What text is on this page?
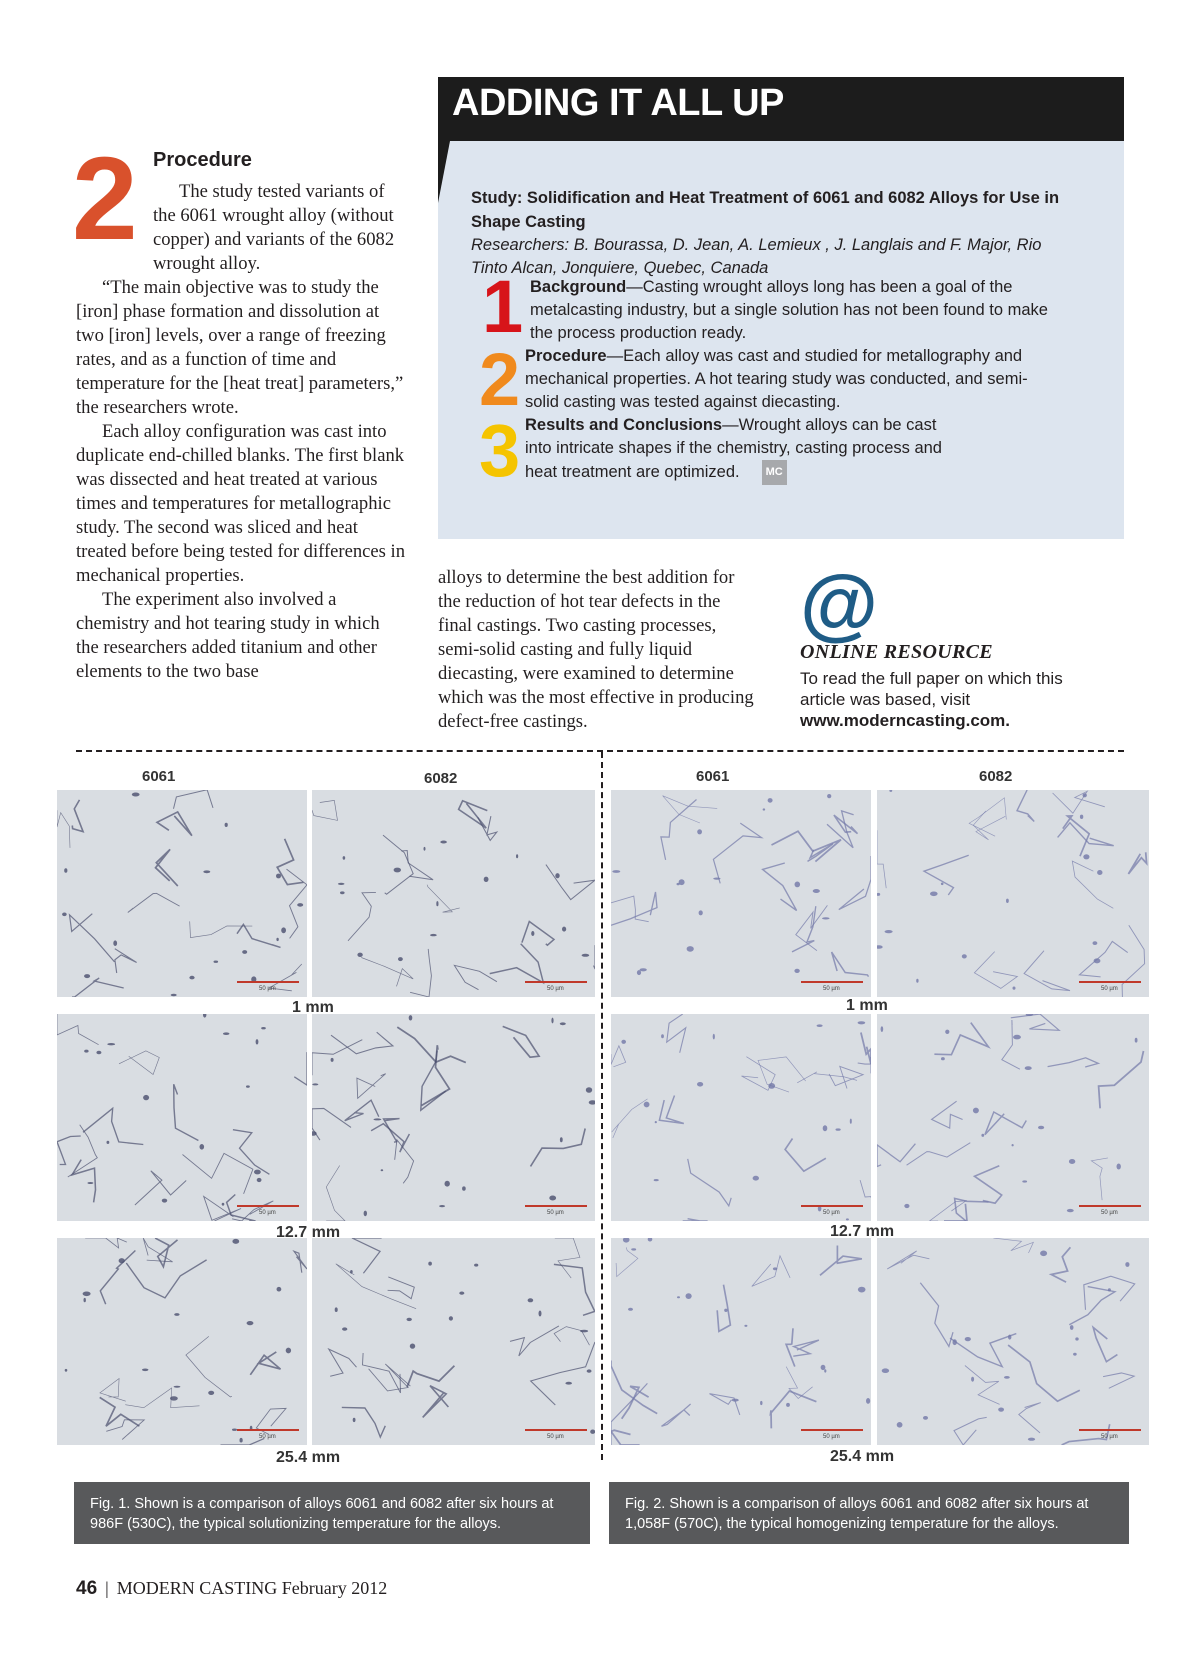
2 Procedure

The study tested variants of the 6061 wrought alloy (without copper) and variants of the 6082 wrought alloy.

“The main objective was to study the [iron] phase formation and dissolution at two [iron] levels, over a range of freezing rates, and as a function of time and temperature for the [heat treat] parameters,” the researchers wrote.

Each alloy configuration was cast into duplicate end-chilled blanks. The first blank was dissected and heat treated at various times and temperatures for metallographic study. The second was sliced and heat treated before being tested for differences in mechanical properties.

The experiment also involved a chemistry and hot tearing study in which the researchers added titanium and other elements to the two base

alloys to determine the best addition for the reduction of hot tear defects in the final castings. Two casting processes, semi-solid casting and fully liquid diecasting, were examined to determine which was the most effective in producing defect-free castings.

ADDING IT ALL UP
Study: Solidification and Heat Treatment of 6061 and 6082 Alloys for Use in Shape Casting
Researchers: B. Bourassa, D. Jean, A. Lemieux , J. Langlais and F. Major, Rio Tinto Alcan, Jonquiere, Quebec, Canada
1 Background—Casting wrought alloys long has been a goal of the metalcasting industry, but a single solution has not been found to make the process production ready.
2 Procedure—Each alloy was cast and studied for metallography and mechanical properties. A hot tearing study was conducted, and semi-solid casting was tested against diecasting.
3 Results and Conclusions—Wrought alloys can be cast into intricate shapes if the chemistry, casting process and heat treatment are optimized. MC
@
ONLINE RESOURCE
To read the full paper on which this article was based, visit
www.moderncasting.com.
6061	6082	6061	6082
50 µm	50 µm
50 µm	50 µm
50 µm	50 µm
50 µm	50 µm
50 µm	50 µm
50 µm	50 µm
1 mm
12.7 mm
25.4 mm
1 mm
12.7 mm
25.4 mm
Fig. 1. Shown is a comparison of alloys 6061 and 6082 after six hours at 986F (530C), the typical solutionizing temperature for the alloys.
Fig. 2. Shown is a comparison of alloys 6061 and 6082 after six hours at 1,058F (570C), the typical homogenizing temperature for the alloys.
46 | MODERN CASTING February 2012
